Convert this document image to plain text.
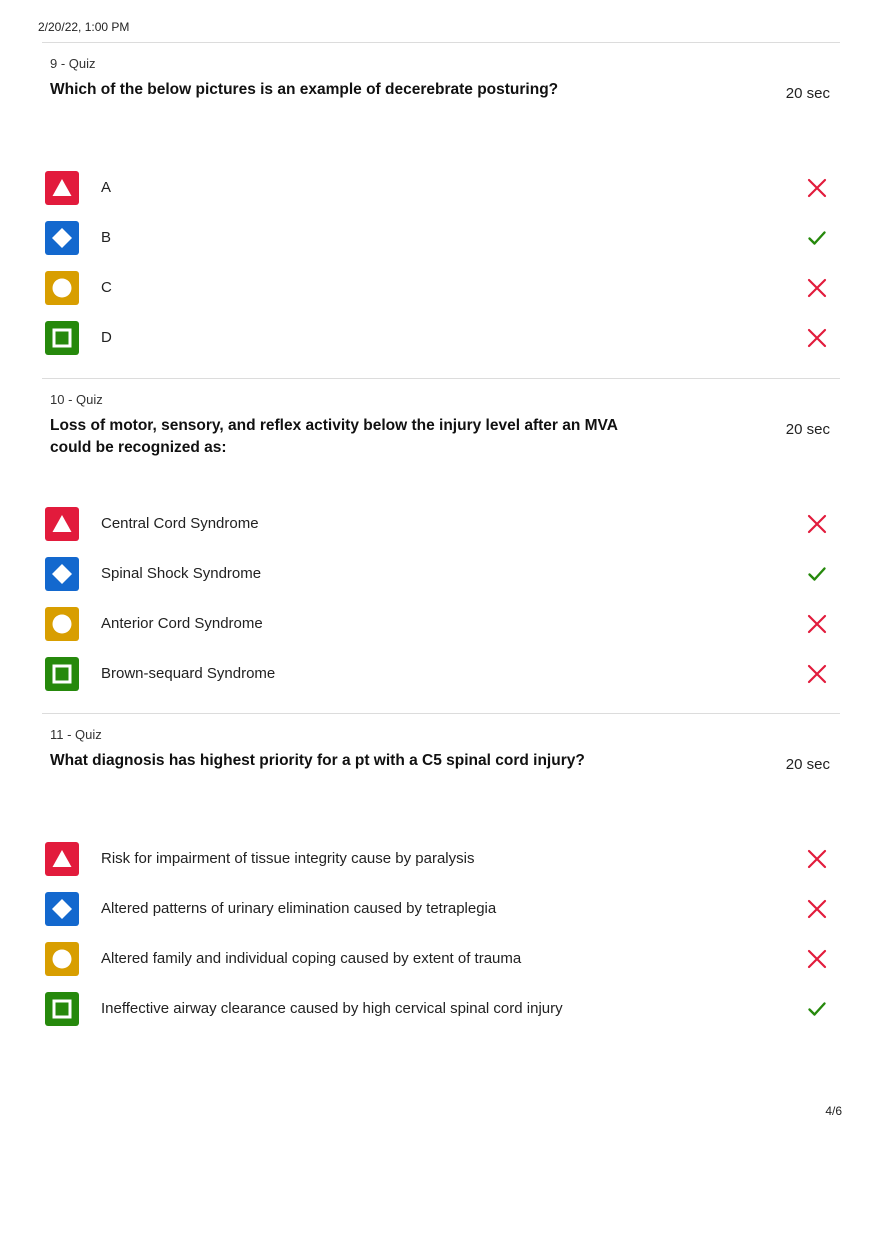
2/20/22, 1:00 PM
9 - Quiz
Which of the below pictures is an example of decerebrate posturing?	20 sec
A
B
C
D
10 - Quiz
Loss of motor, sensory, and reflex activity below the injury level after an MVA could be recognized as:
20 sec
Central Cord Syndrome
Spinal Shock Syndrome
Anterior Cord Syndrome
Brown-sequard Syndrome
11 - Quiz
What diagnosis has highest priority for a pt with a C5 spinal cord injury?	20 sec
Risk for impairment of tissue integrity cause by paralysis
Altered patterns of urinary elimination caused by tetraplegia
Altered family and individual coping caused by extent of trauma
Ineffective airway clearance caused by high cervical spinal cord injury
4/6
